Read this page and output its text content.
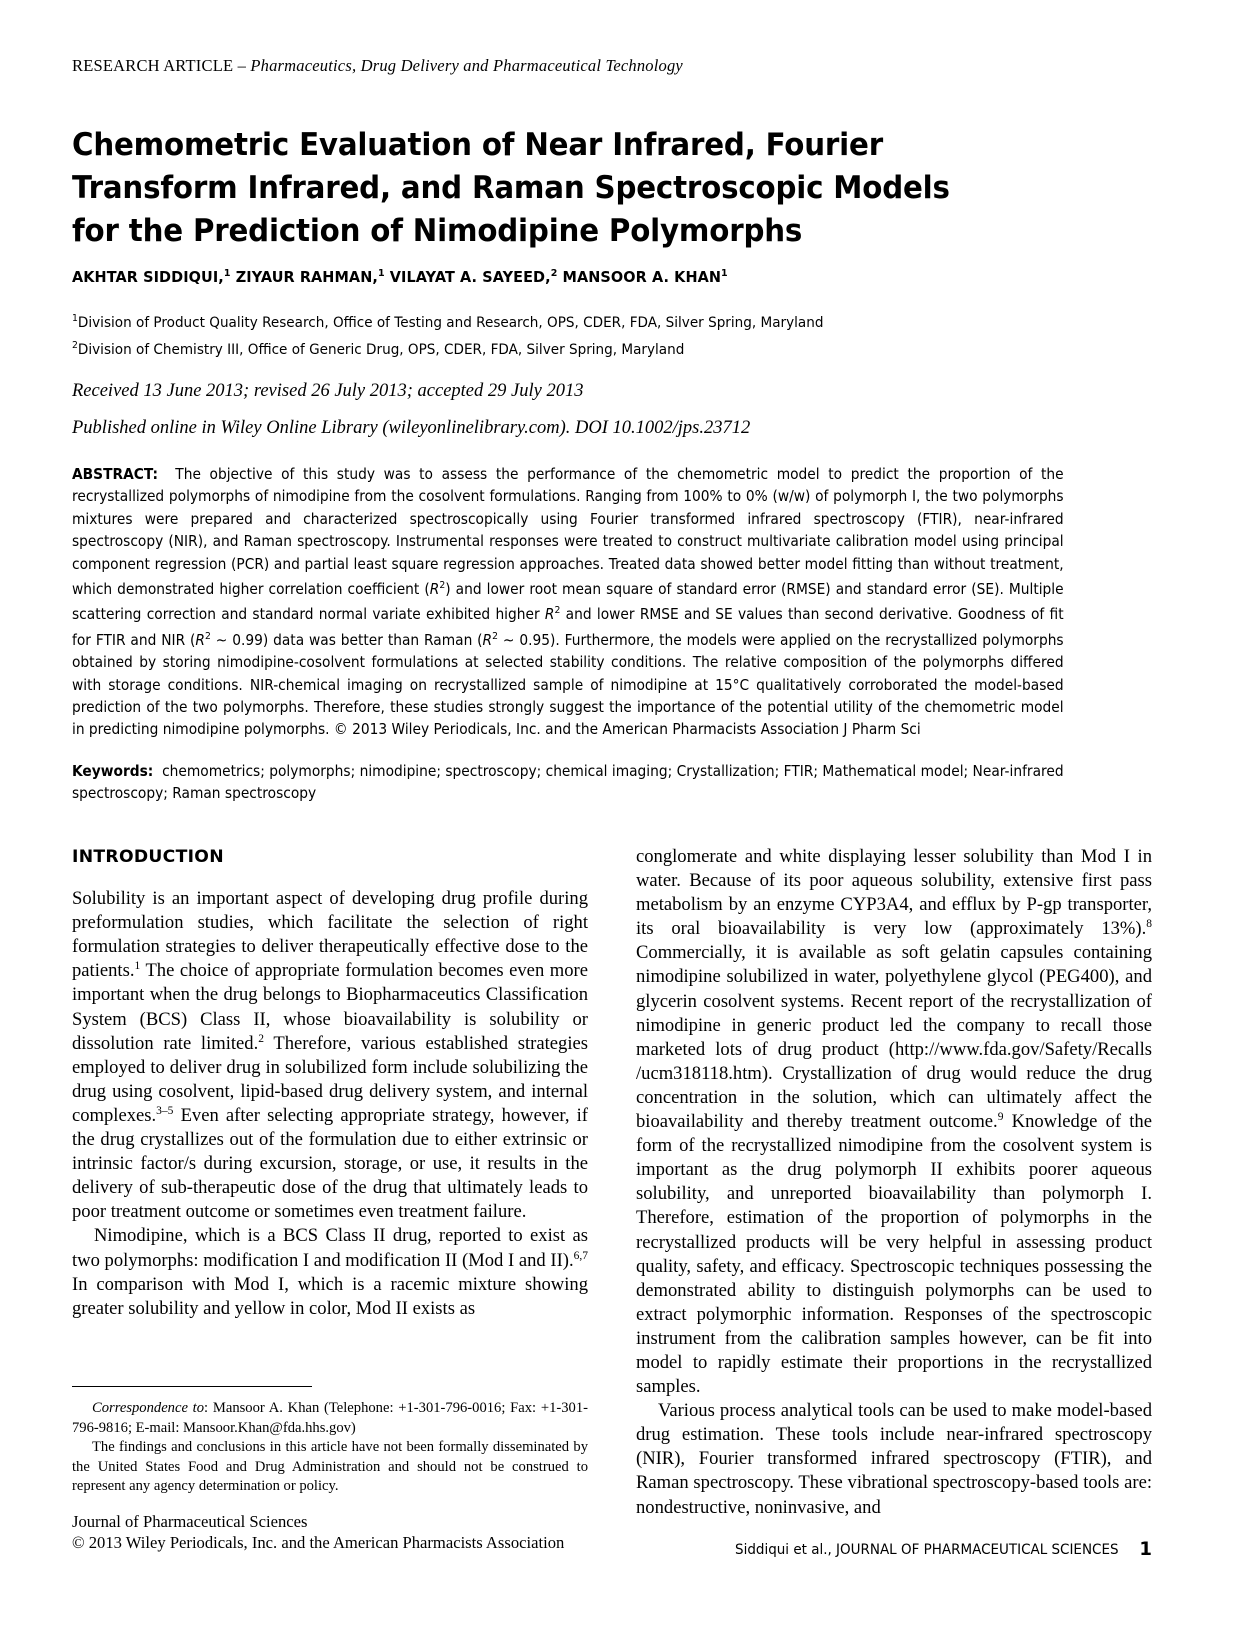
RESEARCH ARTICLE – Pharmaceutics, Drug Delivery and Pharmaceutical Technology
Chemometric Evaluation of Near Infrared, Fourier Transform Infrared, and Raman Spectroscopic Models for the Prediction of Nimodipine Polymorphs
AKHTAR SIDDIQUI,$^1$ ZIYAUR RAHMAN,$^1$ VILAYAT A. SAYEED,$^2$ MANSOOR A. KHAN$^1$
$^1$Division of Product Quality Research, Office of Testing and Research, OPS, CDER, FDA, Silver Spring, Maryland
$^2$Division of Chemistry III, Office of Generic Drug, OPS, CDER, FDA, Silver Spring, Maryland
Received 13 June 2013; revised 26 July 2013; accepted 29 July 2013
Published online in Wiley Online Library (wileyonlinelibrary.com). DOI 10.1002/jps.23712
ABSTRACT: The objective of this study was to assess the performance of the chemometric model to predict the proportion of the recrystallized polymorphs of nimodipine from the cosolvent formulations. Ranging from 100% to 0% (w/w) of polymorph I, the two polymorphs mixtures were prepared and characterized spectroscopically using Fourier transformed infrared spectroscopy (FTIR), near-infrared spectroscopy (NIR), and Raman spectroscopy. Instrumental responses were treated to construct multivariate calibration model using principal component regression (PCR) and partial least square regression approaches. Treated data showed better model fitting than without treatment, which demonstrated higher correlation coefficient $(R^2)$ and lower root mean square of standard error (RMSE) and standard error (SE). Multiple scattering correction and standard normal variate exhibited higher $R^2$ and lower RMSE and SE values than second derivative. Goodness of fit for FTIR and NIR ($R^2$ ∼ 0.99) data was better than Raman ($R^2$ ∼ 0.95). Furthermore, the models were applied on the recrystallized polymorphs obtained by storing nimodipine-cosolvent formulations at selected stability conditions. The relative composition of the polymorphs differed with storage conditions. NIR-chemical imaging on recrystallized sample of nimodipine at 15°C qualitatively corroborated the model-based prediction of the two polymorphs. Therefore, these studies strongly suggest the importance of the potential utility of the chemometric model in predicting nimodipine polymorphs. © 2013 Wiley Periodicals, Inc. and the American Pharmacists Association J Pharm Sci
Keywords: chemometrics; polymorphs; nimodipine; spectroscopy; chemical imaging; Crystallization; FTIR; Mathematical model; Near-infrared spectroscopy; Raman spectroscopy
INTRODUCTION

Solubility is an important aspect of developing drug profile during preformulation studies, which facilitate the selection of right formulation strategies to deliver therapeutically effective dose to the patients.$^1$ The choice of appropriate formulation becomes even more important when the drug belongs to Biopharmaceutics Classification System (BCS) Class II, whose bioavailability is solubility or dissolution rate limited.$^2$ Therefore, various established strategies employed to deliver drug in solubilized form include solubilizing the drug using cosolvent, lipid-based drug delivery system, and internal complexes.$^{3-5}$ Even after selecting appropriate strategy, however, if the drug crystallizes out of the formulation due to either extrinsic or intrinsic factor/s during excursion, storage, or use, it results in the delivery of sub-therapeutic dose of the drug that ultimately leads to poor treatment outcome or sometimes even treatment failure.

Nimodipine, which is a BCS Class II drug, reported to exist as two polymorphs: modification I and modification II (Mod I and II).$^{6,7}$ In comparison with Mod I, which is a racemic mixture showing greater solubility and yellow in color, Mod II exists as

conglomerate and white displaying lesser solubility than Mod I in water. Because of its poor aqueous solubility, extensive first pass metabolism by an enzyme CYP3A4, and efflux by P-gp transporter, its oral bioavailability is very low (approximately 13%).$^8$ Commercially, it is available as soft gelatin capsules containing nimodipine solubilized in water, polyethylene glycol (PEG400), and glycerin cosolvent systems. Recent report of the recrystallization of nimodipine in generic product led the company to recall those marketed lots of drug product (http://www.fda.gov/Safety/Recalls /ucm318118.htm). Crystallization of drug would reduce the drug concentration in the solution, which can ultimately affect the bioavailability and thereby treatment outcome.$^9$ Knowledge of the form of the recrystallized nimodipine from the cosolvent system is important as the drug polymorph II exhibits poorer aqueous solubility, and unreported bioavailability than polymorph I. Therefore, estimation of the proportion of polymorphs in the recrystallized products will be very helpful in assessing product quality, safety, and efficacy. Spectroscopic techniques possessing the demonstrated ability to distinguish polymorphs can be used to extract polymorphic information. Responses of the spectroscopic instrument from the calibration samples however, can be fit into model to rapidly estimate their proportions in the recrystallized samples.

Various process analytical tools can be used to make model-based drug estimation. These tools include near-infrared spectroscopy (NIR), Fourier transformed infrared spectroscopy (FTIR), and Raman spectroscopy. These vibrational spectroscopy-based tools are: nondestructive, noninvasive, and

Correspondence to: Mansoor A. Khan (Telephone: +1-301-796-0016; Fax: +1-301-796-9816; E-mail: Mansoor.Khan@fda.hhs.gov)

The findings and conclusions in this article have not been formally disseminated by the United States Food and Drug Administration and should not be construed to represent any agency determination or policy.

Journal of Pharmaceutical Sciences
© 2013 Wiley Periodicals, Inc. and the American Pharmacists Association	Siddiqui et al., JOURNAL OF PHARMACEUTICAL SCIENCES 1
